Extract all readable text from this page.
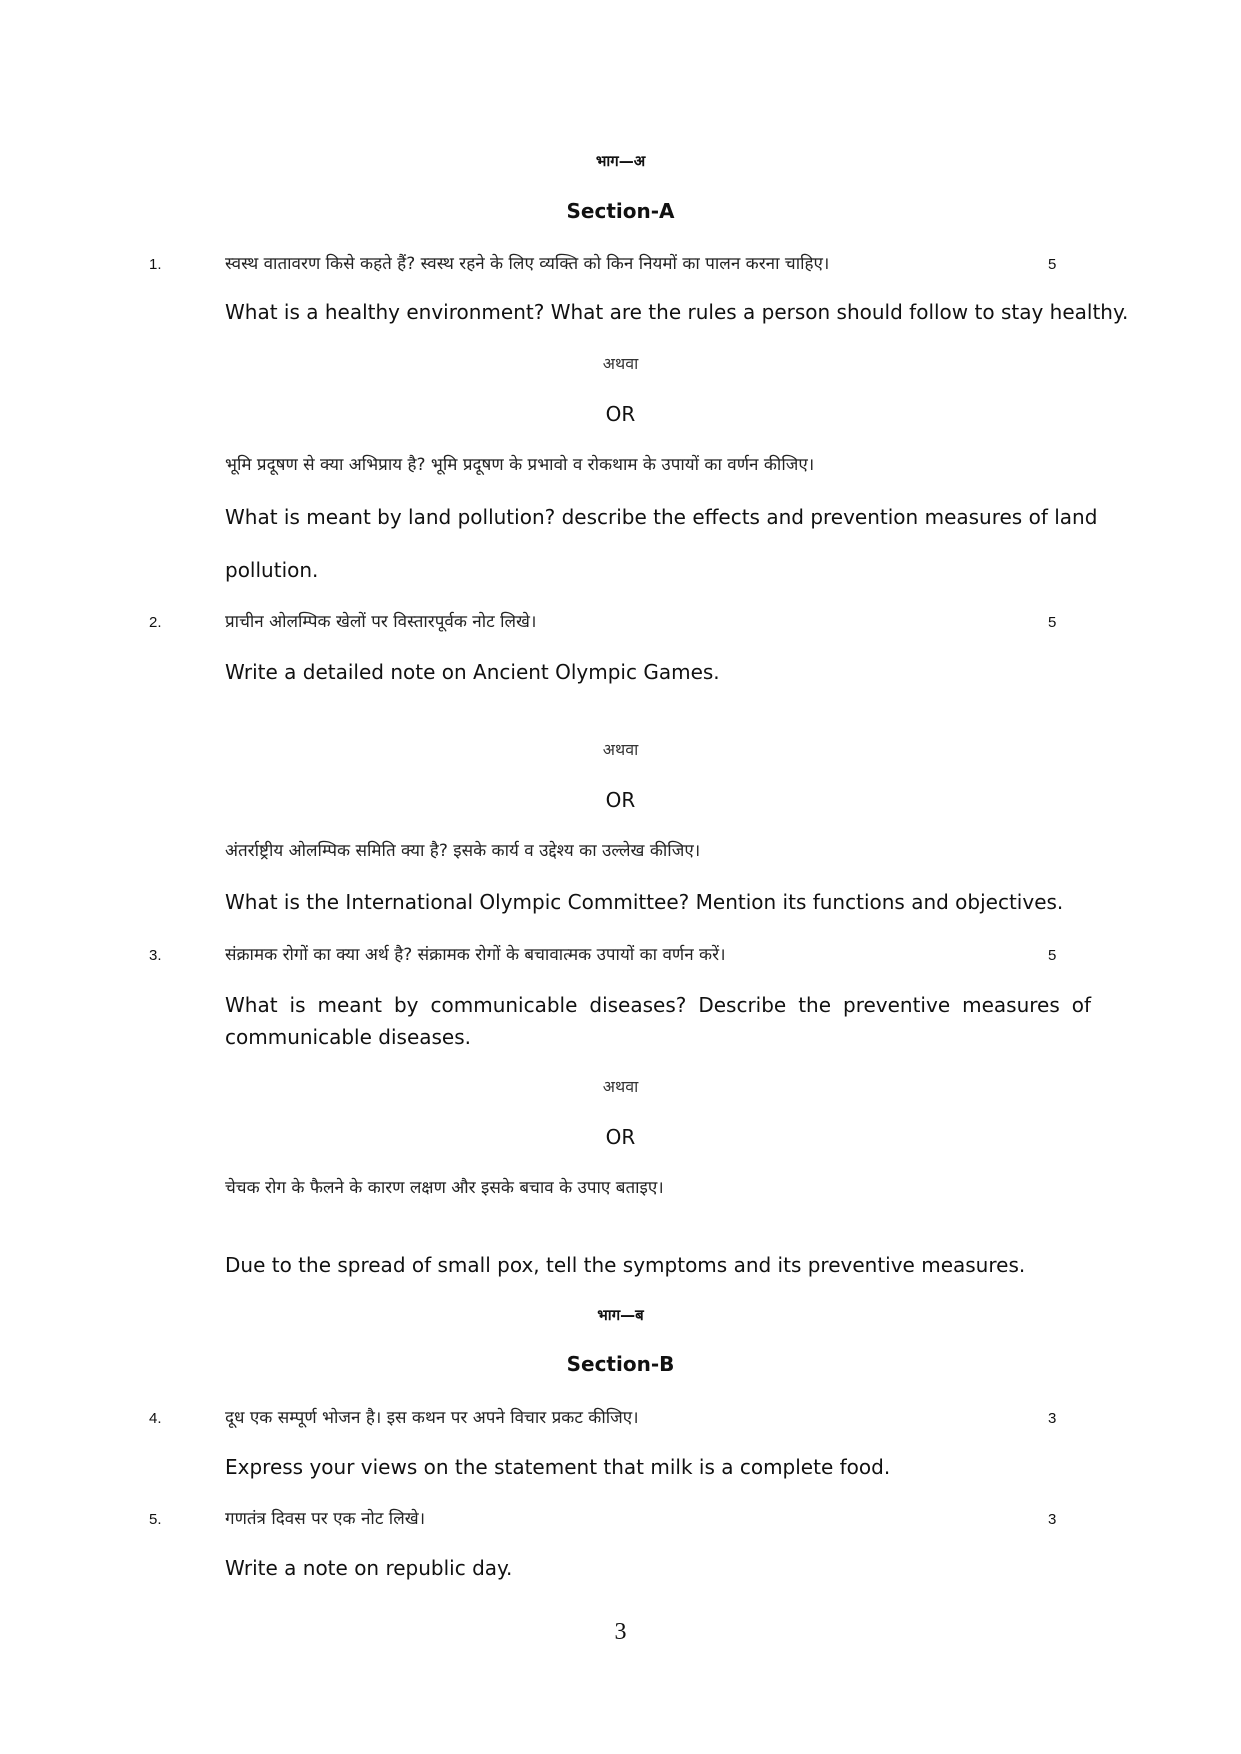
भाग—अ
Section-A
1.	स्वस्थ वातावरण किसे कहते हैं? स्वस्थ रहने के लिए व्यक्ति को किन नियमों का पालन करना चाहिए।	5
What is a healthy environment? What are the rules a person should follow to stay healthy.
अथवा
OR
भूमि प्रदूषण से क्या अभिप्राय है? भूमि प्रदूषण के प्रभावो व रोकथाम के उपायों का वर्णन कीजिए।
What is meant by land pollution? describe the effects and prevention measures of land
pollution.
2.	प्राचीन ओलम्पिक खेलों पर विस्तारपूर्वक नोट लिखे।	5
Write a detailed note on Ancient Olympic Games.
अथवा
OR
अंतर्राष्ट्रीय ओलम्पिक समिति क्या है? इसके कार्य व उद्देश्य का उल्लेख कीजिए।
What is the International Olympic Committee? Mention its functions and objectives.
3.	संक्रामक रोगों का क्या अर्थ है? संक्रामक रोगों के बचावात्मक उपायों का वर्णन करें।	5
What is meant by communicable diseases? Describe the preventive measures of
communicable diseases.
अथवा
OR
चेचक रोग के फैलने के कारण लक्षण और इसके बचाव के उपाए बताइए।
Due to the spread of small pox, tell the symptoms and its preventive measures.
भाग—ब
Section-B
4.	दूध एक सम्पूर्ण भोजन है। इस कथन पर अपने विचार प्रकट कीजिए।	3
Express your views on the statement that milk is a complete food.
5.	गणतंत्र दिवस पर एक नोट लिखे।	3
Write a note on republic day.
3
